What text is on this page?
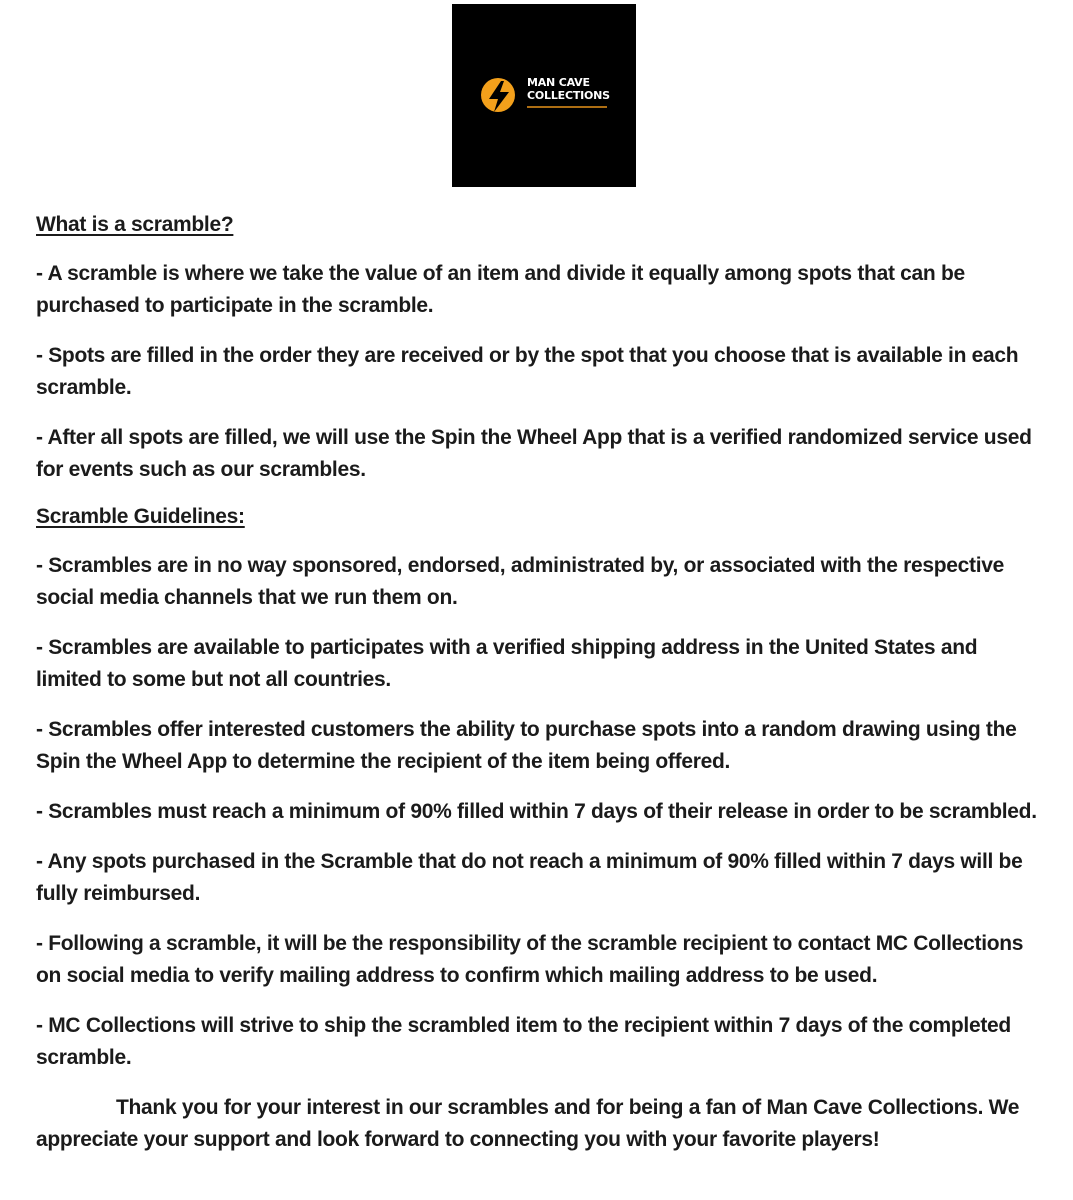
MAN CAVE
COLLECTIONS
What is a scramble?

- A scramble is where we take the value of an item and divide it equally among spots that can be purchased to participate in the scramble.

- Spots are filled in the order they are received or by the spot that you choose that is available in each scramble.

- After all spots are filled, we will use the Spin the Wheel App that is a verified randomized service used for events such as our scrambles.

Scramble Guidelines:

- Scrambles are in no way sponsored, endorsed, administrated by, or associated with the respective social media channels that we run them on.

- Scrambles are available to participates with a verified shipping address in the United States and limited to some but not all countries.

- Scrambles offer interested customers the ability to purchase spots into a random drawing using the Spin the Wheel App to determine the recipient of the item being offered.

- Scrambles must reach a minimum of 90% filled within 7 days of their release in order to be scrambled.

- Any spots purchased in the Scramble that do not reach a minimum of 90% filled within 7 days will be fully reimbursed.

- Following a scramble, it will be the responsibility of the scramble recipient to contact MC Collections on social media to verify mailing address to confirm which mailing address to be used.

- MC Collections will strive to ship the scrambled item to the recipient within 7 days of the completed scramble.

Thank you for your interest in our scrambles and for being a fan of Man Cave Collections. We appreciate your support and look forward to connecting you with your favorite players!
